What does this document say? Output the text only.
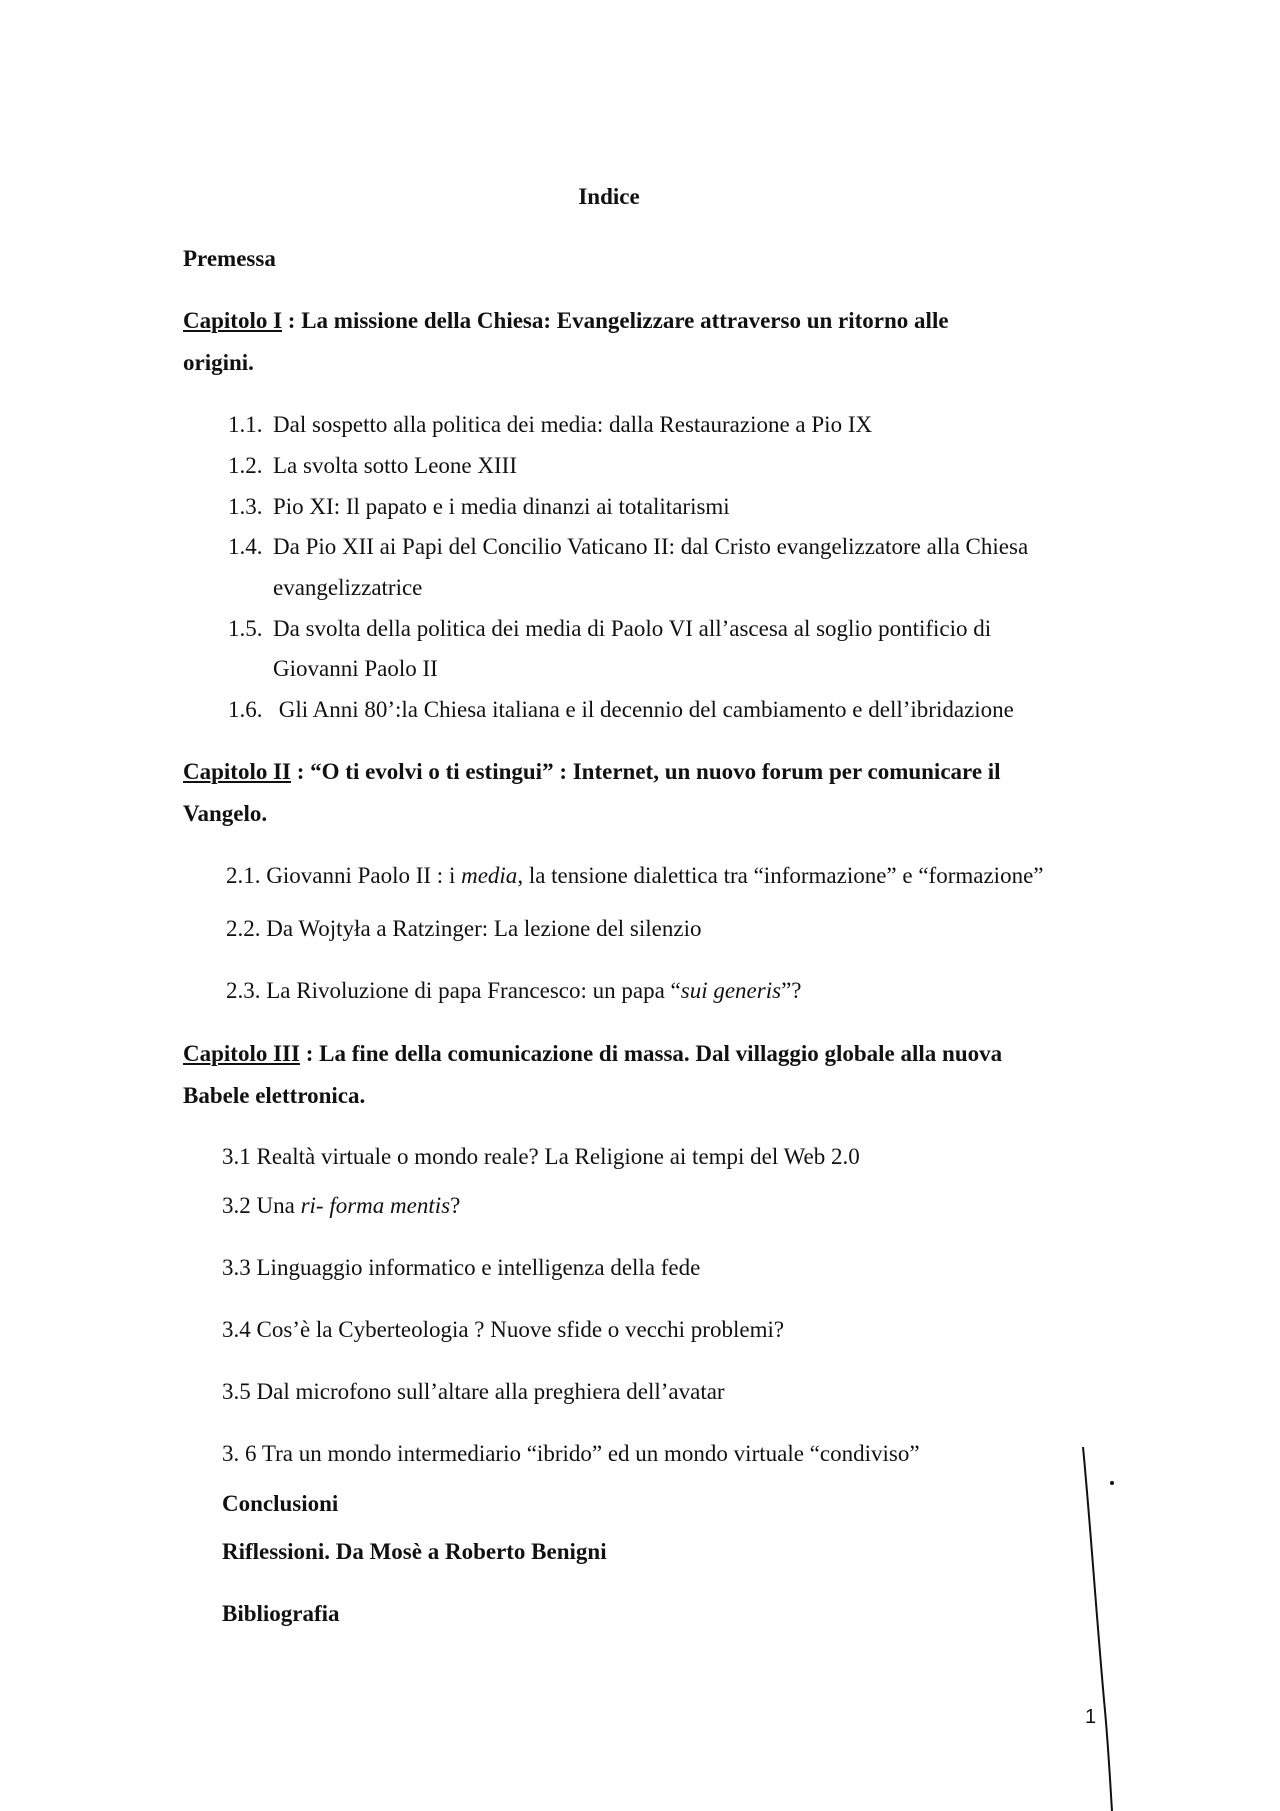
Indice
Premessa
Capitolo I : La missione della Chiesa: Evangelizzare attraverso un ritorno alle
origini.
1.1. Dal sospetto alla politica dei media: dalla Restaurazione a Pio IX
1.2. La svolta sotto Leone XIII
1.3. Pio XI: Il papato e i media dinanzi ai totalitarismi
1.4. Da Pio XII ai Papi del Concilio Vaticano II: dal Cristo evangelizzatore alla Chiesa
evangelizzatrice
1.5. Da svolta della politica dei media di Paolo VI all’ascesa al soglio pontificio di
Giovanni Paolo II
1.6. Gli Anni 80’:la Chiesa italiana e il decennio del cambiamento e dell’ibridazione
Capitolo II : “O ti evolvi o ti estingui” : Internet, un nuovo forum per comunicare il
Vangelo.
2.1. Giovanni Paolo II : i media, la tensione dialettica tra “informazione” e “formazione”
2.2. Da Wojtyła a Ratzinger: La lezione del silenzio
2.3. La Rivoluzione di papa Francesco: un papa “sui generis”?
Capitolo III : La fine della comunicazione di massa. Dal villaggio globale alla nuova
Babele elettronica.
3.1 Realtà virtuale o mondo reale? La Religione ai tempi del Web 2.0
3.2 Una ri- forma mentis?
3.3 Linguaggio informatico e intelligenza della fede
3.4 Cos’è la Cyberteologia ? Nuove sfide o vecchi problemi?
3.5 Dal microfono sull’altare alla preghiera dell’avatar
3. 6 Tra un mondo intermediario “ibrido” ed un mondo virtuale “condiviso”
Conclusioni
Riflessioni. Da Mosè a Roberto Benigni
Bibliografia
1
